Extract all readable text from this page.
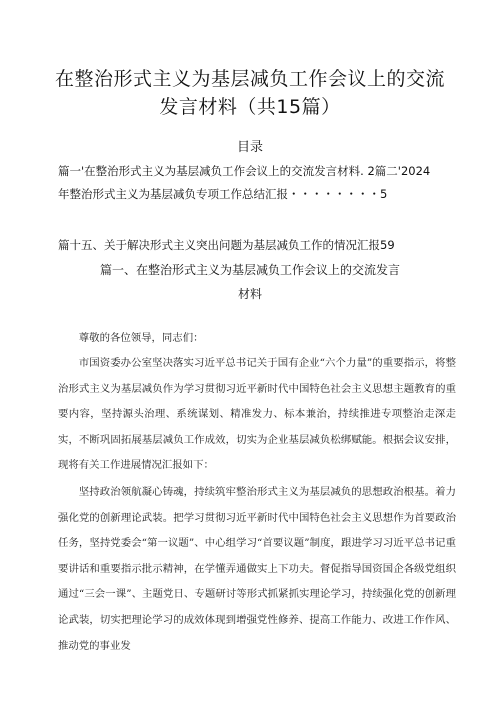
在整治形式主义为基层减负工作会议上的交流
发言材料（共15篇）
目录
篇一'在整治形式主义为基层减负工作会议上的交流发言材料. 2篇二'2024
年整治形式主义为基层减负专项工作总结汇报・・・・・・・・5
篇十五、关于解决形式主义突出问题为基层减负工作的情况汇报59
篇一、在整治形式主义为基层减负工作会议上的交流发言
材料

尊敬的各位领导，同志们：

市国资委办公室坚决落实习近平总书记关于国有企业“六个力量”的重要指示，将整治形式主义为基层减负作为学习贯彻习近平新时代中国特色社会主义思想主题教育的重要内容，坚持源头治理、系统谋划、精准发力、标本兼治，持续推进专项整治走深走实，不断巩固拓展基层减负工作成效，切实为企业基层减负松绑赋能。根据会议安排，现将有关工作进展情况汇报如下：

坚持政治领航凝心铸魂，持续筑牢整治形式主义为基层减负的思想政治根基。着力强化党的创新理论武装。把学习贯彻习近平新时代中国特色社会主义思想作为首要政治任务，坚持党委会“第一议题”、中心组学习“首要议题”制度，跟进学习习近平总书记重要讲话和重要指示批示精神，在学懂弄通做实上下功夫。督促指导国资国企各级党组织通过“三会一课”、主题党日、专题研讨等形式抓紧抓实理论学习，持续强化党的创新理论武装，切实把理论学习的成效体现到增强党性修养、提高工作能力、改进工作作风、推动党的事业发
